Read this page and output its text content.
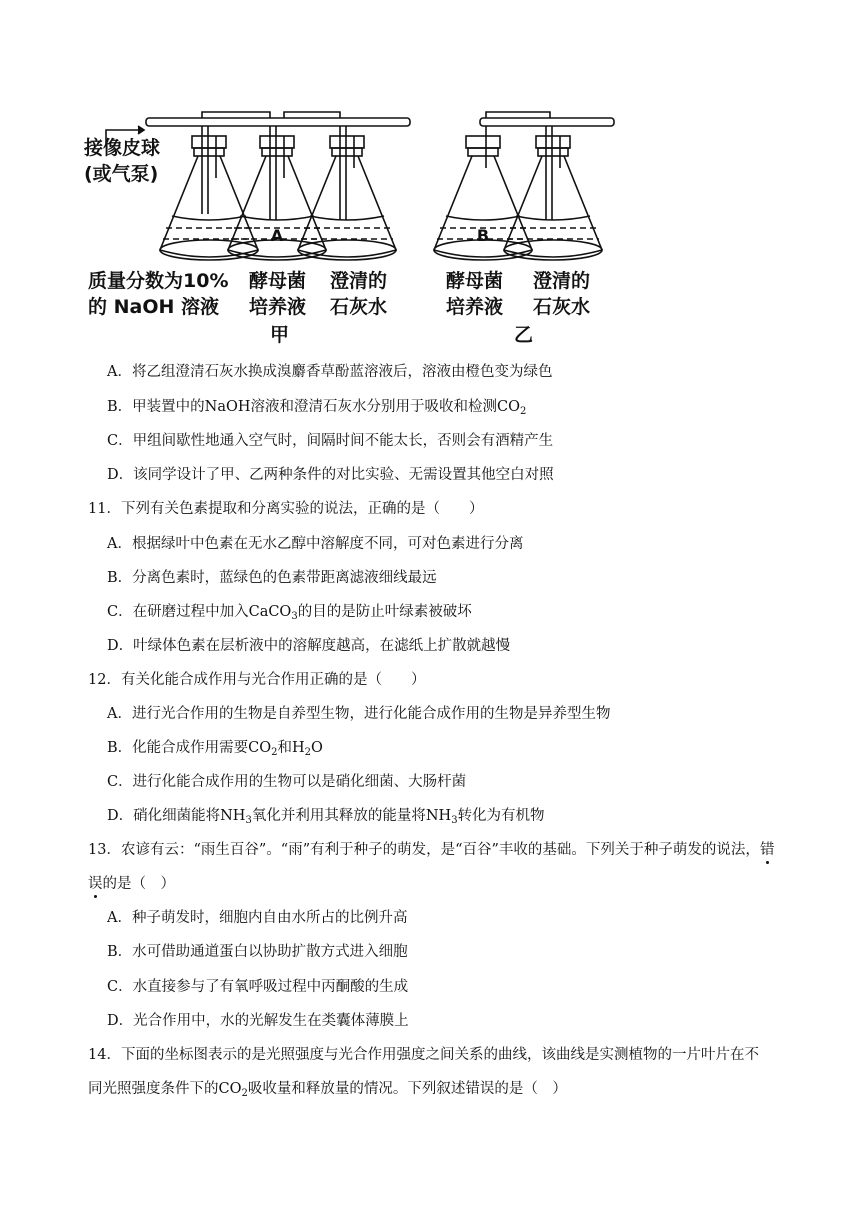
A	B
接像皮球
(或气泵)
质量分数为10%
的 NaOH 溶液
酵母菌
培养液
甲
澄清的
石灰水
酵母菌
培养液
澄清的
石灰水
乙
A．将乙组澄清石灰水换成溴麝香草酚蓝溶液后，溶液由橙色变为绿色
B．甲装置中的NaOH溶液和澄清石灰水分别用于吸收和检测$CO_2$
C．甲组间歇性地通入空气时，间隔时间不能太长，否则会有酒精产生
D．该同学设计了甲、乙两种条件的对比实验、无需设置其他空白对照
11．下列有关色素提取和分离实验的说法，正确的是（　　）
A．根据绿叶中色素在无水乙醇中溶解度不同，可对色素进行分离
B．分离色素时，蓝绿色的色素带距离滤液细线最远
C．在研磨过程中加入CaCO$_3$的目的是防止叶绿素被破坏
D．叶绿体色素在层析液中的溶解度越高，在滤纸上扩散就越慢
12．有关化能合成作用与光合作用正确的是（　　）
A．进行光合作用的生物是自养型生物，进行化能合成作用的生物是异养型生物
B．化能合成作用需要$CO_2$和$H_2O$
C．进行化能合成作用的生物可以是硝化细菌、大肠杆菌
D．硝化细菌能将$NH_3$氧化并利用其释放的能量将$NH_3$转化为有机物
13．农谚有云：“雨生百谷”。“雨”有利于种子的萌发，是“百谷”丰收的基础。下列关于种子萌发的说法，错
误的是（　）
A．种子萌发时，细胞内自由水所占的比例升高
B．水可借助通道蛋白以协助扩散方式进入细胞
C．水直接参与了有氧呼吸过程中丙酮酸的生成
D．光合作用中，水的光解发生在类囊体薄膜上
14．下面的坐标图表示的是光照强度与光合作用强度之间关系的曲线，该曲线是实测植物的一片叶片在不
同光照强度条件下的$CO_2$吸收量和释放量的情况。下列叙述错误的是（　）
